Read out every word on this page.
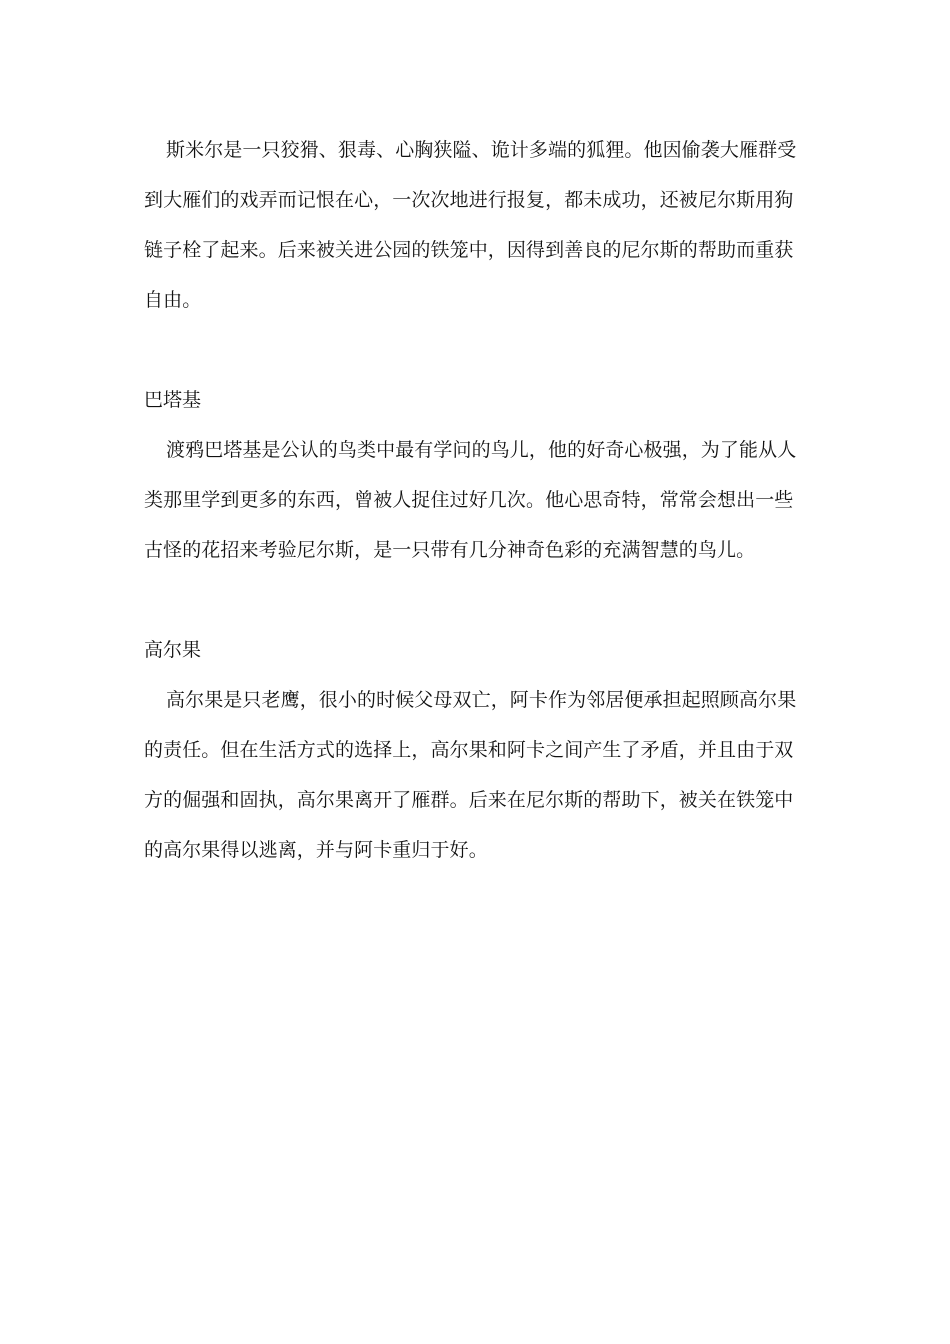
斯米尔是一只狡猾、狠毒、心胸狭隘、诡计多端的狐狸。他因偷袭大雁群受到大雁们的戏弄而记恨在心，一次次地进行报复，都未成功，还被尼尔斯用狗链子栓了起来。后来被关进公园的铁笼中，因得到善良的尼尔斯的帮助而重获自由。

巴塔基

渡鸦巴塔基是公认的鸟类中最有学问的鸟儿，他的好奇心极强，为了能从人类那里学到更多的东西，曾被人捉住过好几次。他心思奇特，常常会想出一些古怪的花招来考验尼尔斯，是一只带有几分神奇色彩的充满智慧的鸟儿。

高尔果

高尔果是只老鹰，很小的时候父母双亡，阿卡作为邻居便承担起照顾高尔果的责任。但在生活方式的选择上，高尔果和阿卡之间产生了矛盾，并且由于双方的倔强和固执，高尔果离开了雁群。后来在尼尔斯的帮助下，被关在铁笼中的高尔果得以逃离，并与阿卡重归于好。
